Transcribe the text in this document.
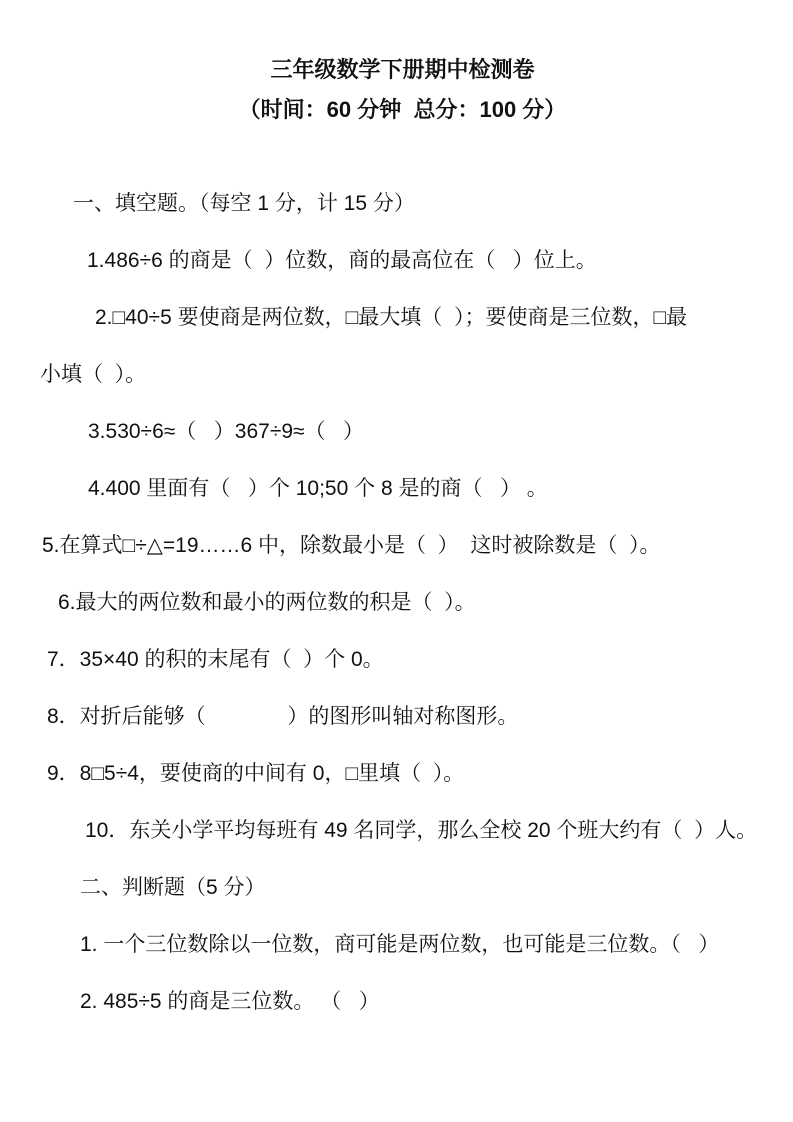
三年级数学下册期中检测卷
（时间：60 分钟  总分：100 分）
一、填空题。（每空 1 分，计 15 分）
1.486÷6 的商是（  ）位数，商的最高位在（   ）位上。
2.□40÷5 要使商是两位数，□最大填（  ）；要使商是三位数，□最
小填（  ）。
3.530÷6≈（   ）367÷9≈（   ）
4.400 里面有（   ）个 10;50 个 8 是的商（   ） 。
5.在算式□÷△=19……6 中，除数最小是（  ）  这时被除数是（  ）。
6.最大的两位数和最小的两位数的积是（  ）。
7．35×40 的积的末尾有（  ）个 0。
8．对折后能够（              ）的图形叫轴对称图形。
9．8□5÷4，要使商的中间有 0，□里填（  ）。
10．东关小学平均每班有 49 名同学，那么全校 20 个班大约有（  ）人。
二、判断题（5 分）
1. 一个三位数除以一位数，商可能是两位数，也可能是三位数。（   ）
2. 485÷5 的商是三位数。 （   ）
